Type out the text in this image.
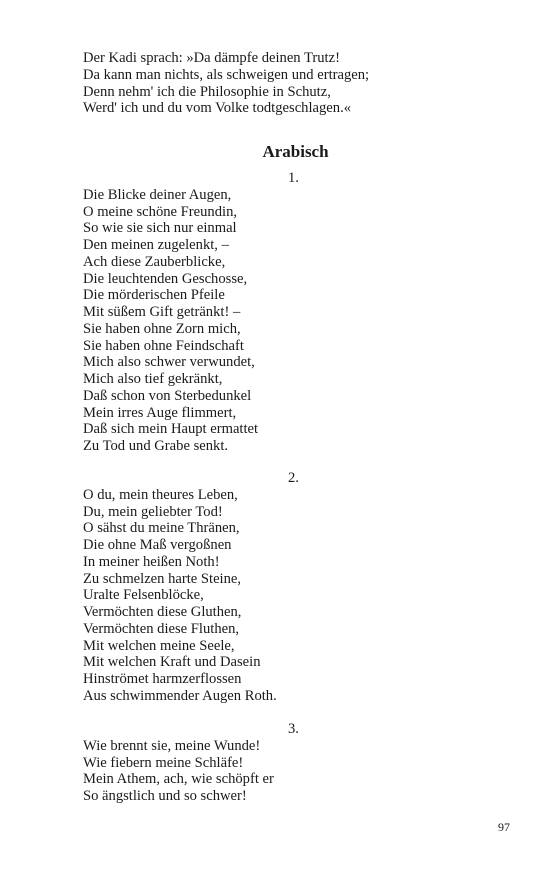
Der Kadi sprach: »Da dämpfe deinen Trutz!
Da kann man nichts, als schweigen und ertragen;
Denn nehm' ich die Philosophie in Schutz,
Werd' ich und du vom Volke todtgeschlagen.«
Arabisch
1.
Die Blicke deiner Augen,
O meine schöne Freundin,
So wie sie sich nur einmal
Den meinen zugelenkt, –
Ach diese Zauberblicke,
Die leuchtenden Geschosse,
Die mörderischen Pfeile
Mit süßem Gift getränkt! –
Sie haben ohne Zorn mich,
Sie haben ohne Feindschaft
Mich also schwer verwundet,
Mich also tief gekränkt,
Daß schon von Sterbedunkel
Mein irres Auge flimmert,
Daß sich mein Haupt ermattet
Zu Tod und Grabe senkt.
2.
O du, mein theures Leben,
Du, mein geliebter Tod!
O sähst du meine Thränen,
Die ohne Maß vergoßnen
In meiner heißen Noth!
Zu schmelzen harte Steine,
Uralte Felsenblöcke,
Vermöchten diese Gluthen,
Vermöchten diese Fluthen,
Mit welchen meine Seele,
Mit welchen Kraft und Dasein
Hinströmet harmzerflossen
Aus schwimmender Augen Roth.
3.
Wie brennt sie, meine Wunde!
Wie fiebern meine Schläfe!
Mein Athem, ach, wie schöpft er
So ängstlich und so schwer!
97
